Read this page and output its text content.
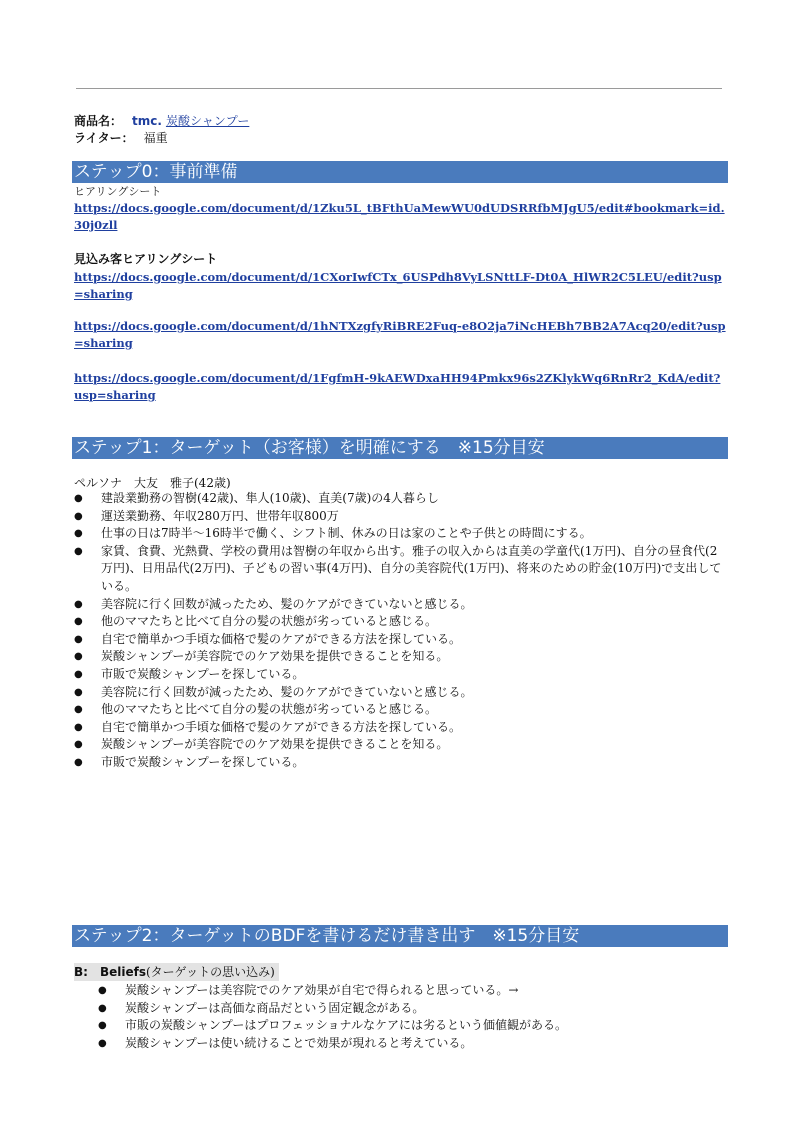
商品名： tmc. 炭酸シャンプー
ライター： 福重
ステップ0：事前準備
ヒアリングシート
https://docs.google.com/document/d/1Zku5L_tBFthUaMewWU0dUDSRRfbMJgU5/edit#bookmark=id.30j0zll
見込み客ヒアリングシート
https://docs.google.com/document/d/1CXorIwfCTx_6USPdh8VyLSNttLF-Dt0A_HlWR2C5LEU/edit?usp=sharing
https://docs.google.com/document/d/1hNTXzgfyRiBRE2Fuq-e8O2ja7iNcHEBh7BB2A7Acq20/edit?usp=sharing
https://docs.google.com/document/d/1FgfmH-9kAEWDxaHH94Pmkx96s2ZKlykWq6RnRr2_KdA/edit?usp=sharing
ステップ1：ターゲット（お客様）を明確にする　※15分目安
ペルソナ　大友　雅子(42歳)
● 建設業勤務の智樹(42歳)、隼人(10歳)、直美(7歳)の4人暮らし
● 運送業勤務、年収280万円、世帯年収800万
● 仕事の日は7時半〜16時半で働く、シフト制、休みの日は家のことや子供との時間にする。
● 家賃、食費、光熱費、学校の費用は智樹の年収から出す。雅子の収入からは直美の学童代(1万円)、自分の昼食代(2万円)、日用品代(2万円)、子どもの習い事(4万円)、自分の美容院代(1万円)、将来のための貯金(10万円)で支出している。
● 美容院に行く回数が減ったため、髪のケアができていないと感じる。
● 他のママたちと比べて自分の髪の状態が劣っていると感じる。
● 自宅で簡単かつ手頃な価格で髪のケアができる方法を探している。
● 炭酸シャンプーが美容院でのケア効果を提供できることを知る。
● 市販で炭酸シャンプーを探している。
● 美容院に行く回数が減ったため、髪のケアができていないと感じる。
● 他のママたちと比べて自分の髪の状態が劣っていると感じる。
● 自宅で簡単かつ手頃な価格で髪のケアができる方法を探している。
● 炭酸シャンプーが美容院でのケア効果を提供できることを知る。
● 市販で炭酸シャンプーを探している。
ステップ2：ターゲットのBDFを書けるだけ書き出す　※15分目安
B:　Beliefs(ターゲットの思い込み)
● 炭酸シャンプーは美容院でのケア効果が自宅で得られると思っている。→
● 炭酸シャンプーは高価な商品だという固定観念がある。
● 市販の炭酸シャンプーはプロフェッショナルなケアには劣るという価値観がある。
● 炭酸シャンプーは使い続けることで効果が現れると考えている。
